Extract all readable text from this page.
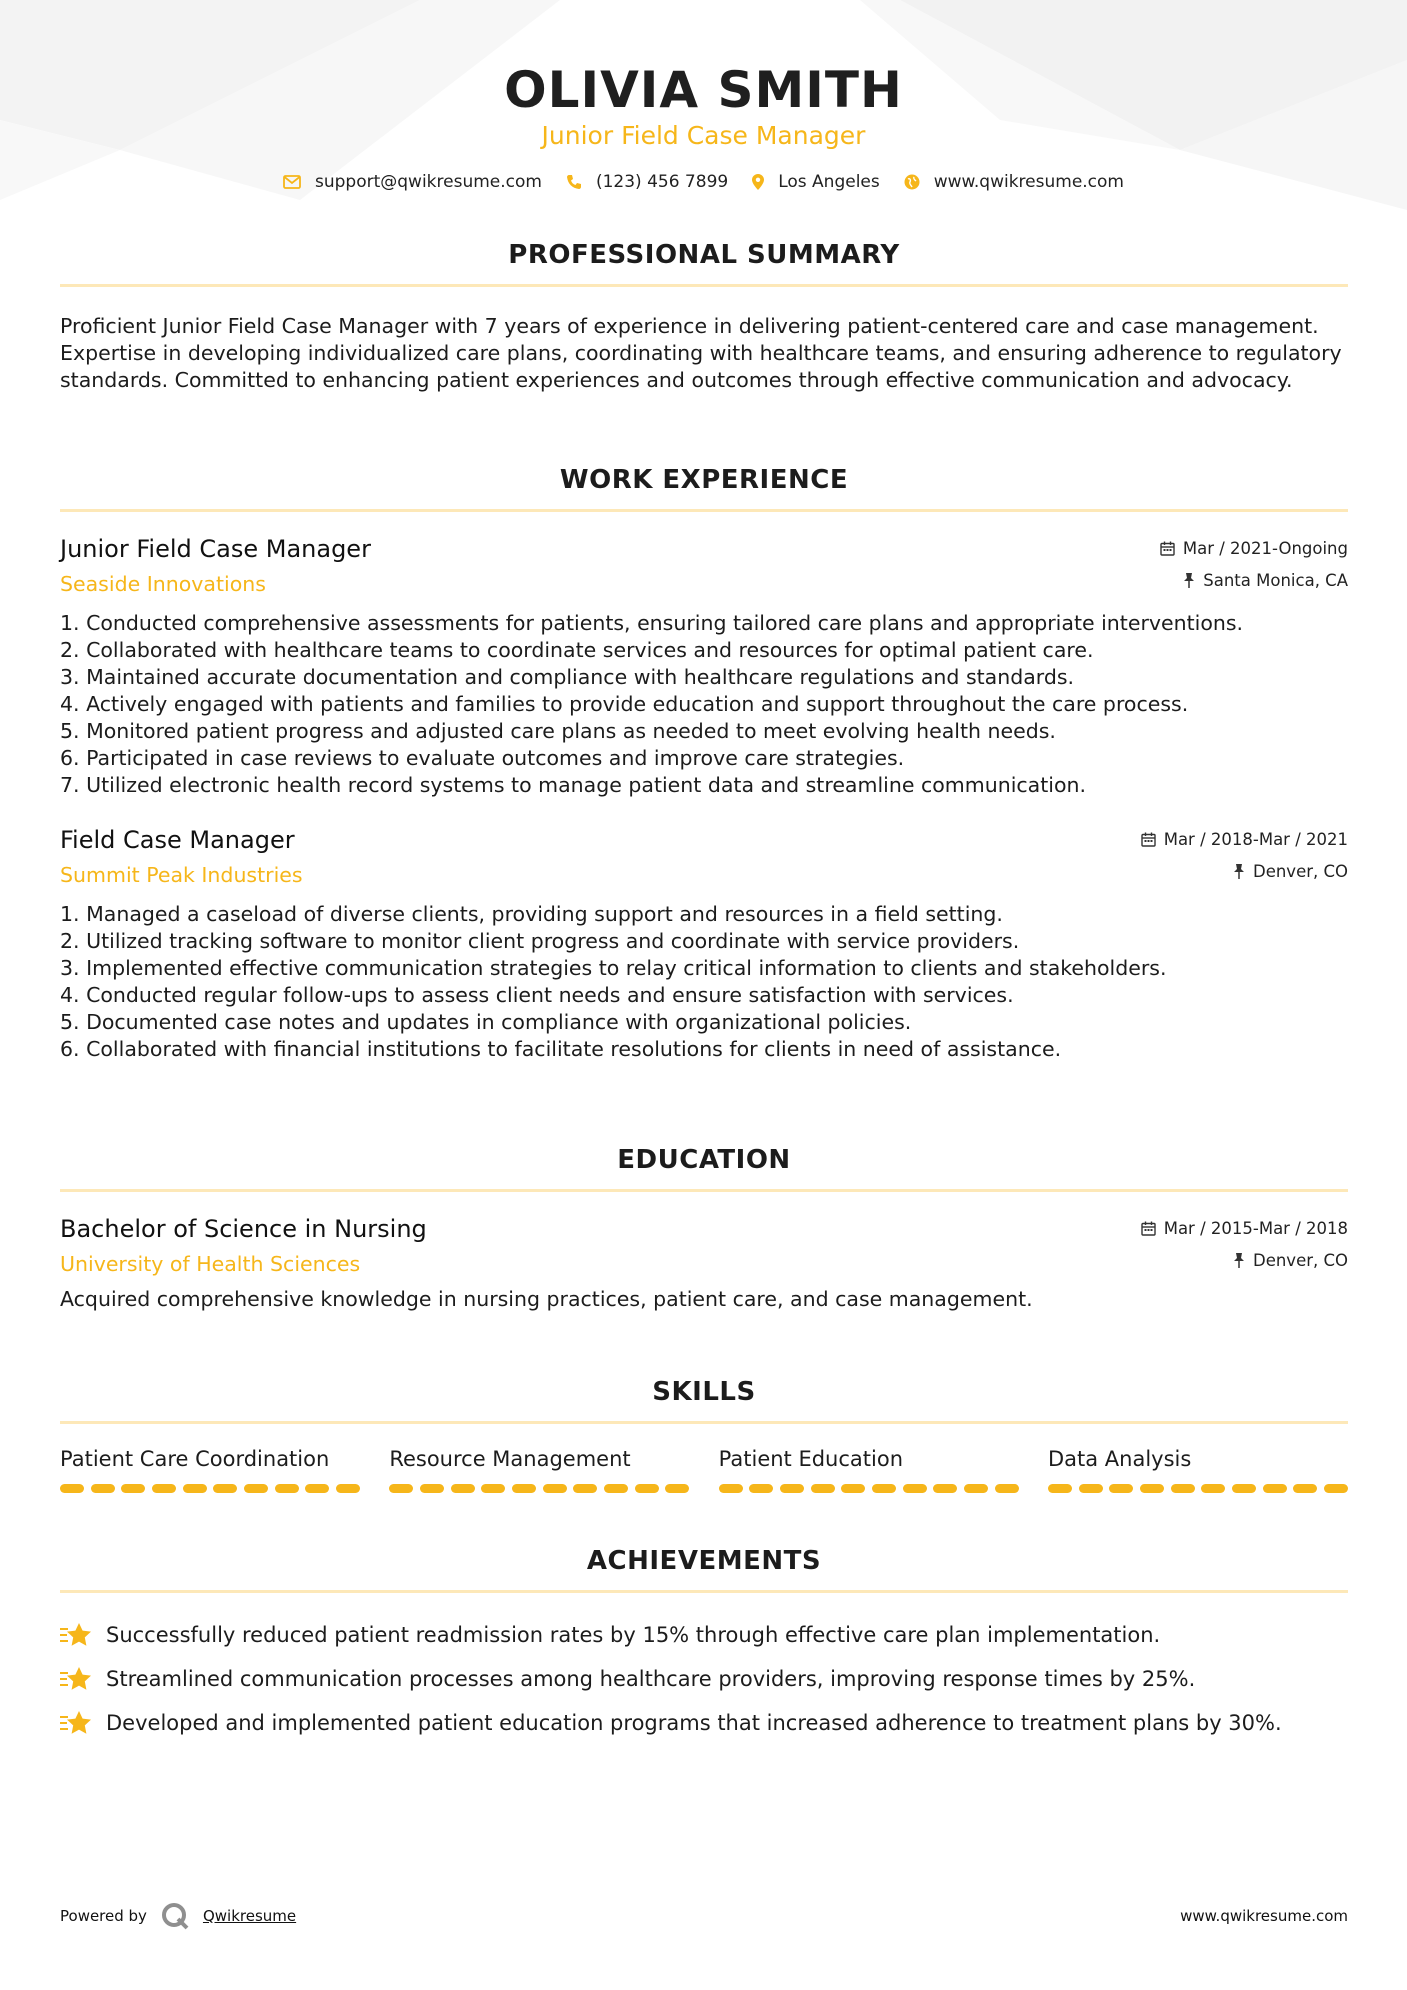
OLIVIA SMITH
Junior Field Case Manager
support@qwikresume.com	(123) 456 7899	Los Angeles	www.qwikresume.com
PROFESSIONAL SUMMARY
Proficient Junior Field Case Manager with 7 years of experience in delivering patient-centered care and case management. Expertise in developing individualized care plans, coordinating with healthcare teams, and ensuring adherence to regulatory standards. Committed to enhancing patient experiences and outcomes through effective communication and advocacy.
WORK EXPERIENCE
Junior Field Case Manager
Seaside Innovations
Mar / 2021-Ongoing
Santa Monica, CA
1. Conducted comprehensive assessments for patients, ensuring tailored care plans and appropriate interventions.
2. Collaborated with healthcare teams to coordinate services and resources for optimal patient care.
3. Maintained accurate documentation and compliance with healthcare regulations and standards.
4. Actively engaged with patients and families to provide education and support throughout the care process.
5. Monitored patient progress and adjusted care plans as needed to meet evolving health needs.
6. Participated in case reviews to evaluate outcomes and improve care strategies.
7. Utilized electronic health record systems to manage patient data and streamline communication.
Field Case Manager
Summit Peak Industries
Mar / 2018-Mar / 2021
Denver, CO
1. Managed a caseload of diverse clients, providing support and resources in a field setting.
2. Utilized tracking software to monitor client progress and coordinate with service providers.
3. Implemented effective communication strategies to relay critical information to clients and stakeholders.
4. Conducted regular follow-ups to assess client needs and ensure satisfaction with services.
5. Documented case notes and updates in compliance with organizational policies.
6. Collaborated with financial institutions to facilitate resolutions for clients in need of assistance.
EDUCATION
Bachelor of Science in Nursing
University of Health Sciences
Mar / 2015-Mar / 2018
Denver, CO
Acquired comprehensive knowledge in nursing practices, patient care, and case management.
SKILLS
Patient Care Coordination	Resource Management	Patient Education	Data Analysis
ACHIEVEMENTS
Successfully reduced patient readmission rates by 15% through effective care plan implementation.
Streamlined communication processes among healthcare providers, improving response times by 25%.
Developed and implemented patient education programs that increased adherence to treatment plans by 30%.
Powered by	Qwikresume	www.qwikresume.com
